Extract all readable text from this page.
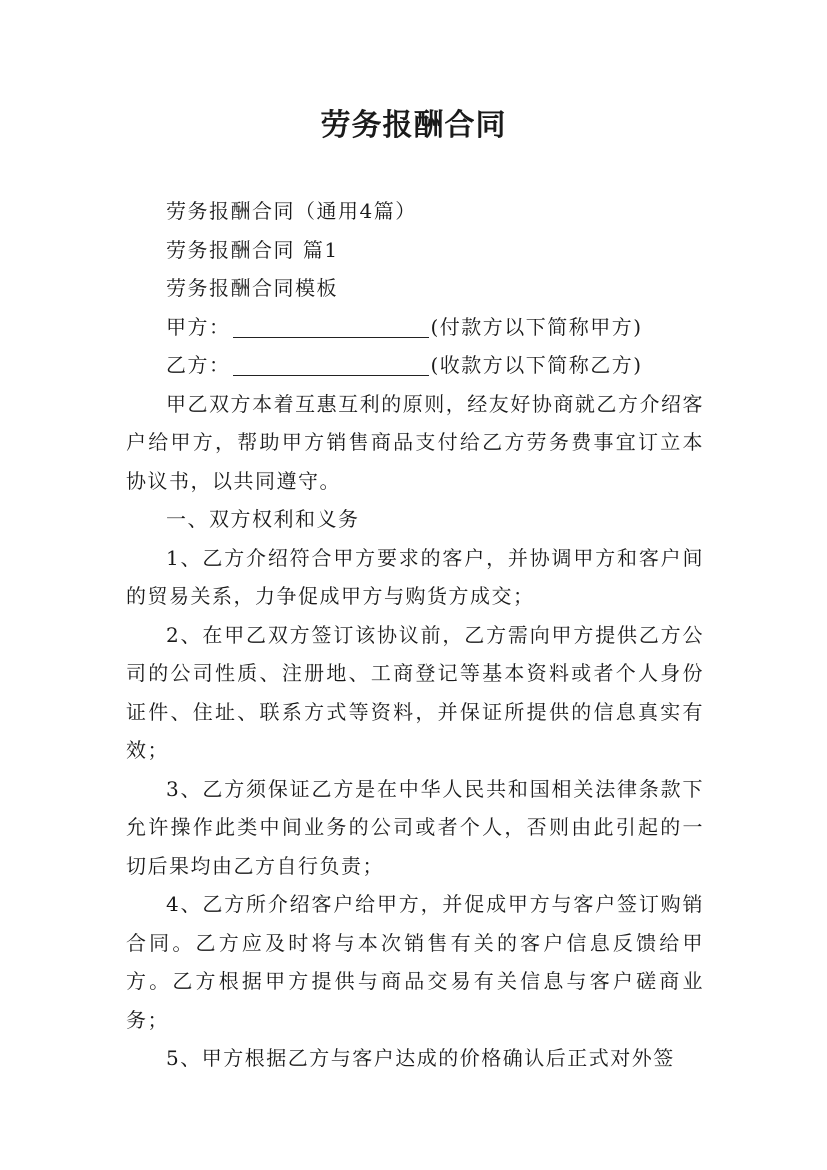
劳务报酬合同

劳务报酬合同（通用4篇）

劳务报酬合同 篇1

劳务报酬合同模板

甲方：	(付款方以下简称甲方)

乙方：	(收款方以下简称乙方)

甲乙双方本着互惠互利的原则，经友好协商就乙方介绍客户给甲方，帮助甲方销售商品支付给乙方劳务费事宜订立本协议书，以共同遵守。

一、双方权利和义务

1、乙方介绍符合甲方要求的客户，并协调甲方和客户间的贸易关系，力争促成甲方与购货方成交；

2、在甲乙双方签订该协议前，乙方需向甲方提供乙方公司的公司性质、注册地、工商登记等基本资料或者个人身份证件、住址、联系方式等资料，并保证所提供的信息真实有效；

3、乙方须保证乙方是在中华人民共和国相关法律条款下允许操作此类中间业务的公司或者个人，否则由此引起的一切后果均由乙方自行负责；

4、乙方所介绍客户给甲方，并促成甲方与客户签订购销合同。乙方应及时将与本次销售有关的客户信息反馈给甲方。乙方根据甲方提供与商品交易有关信息与客户磋商业务；

5、甲方根据乙方与客户达成的价格确认后正式对外签
